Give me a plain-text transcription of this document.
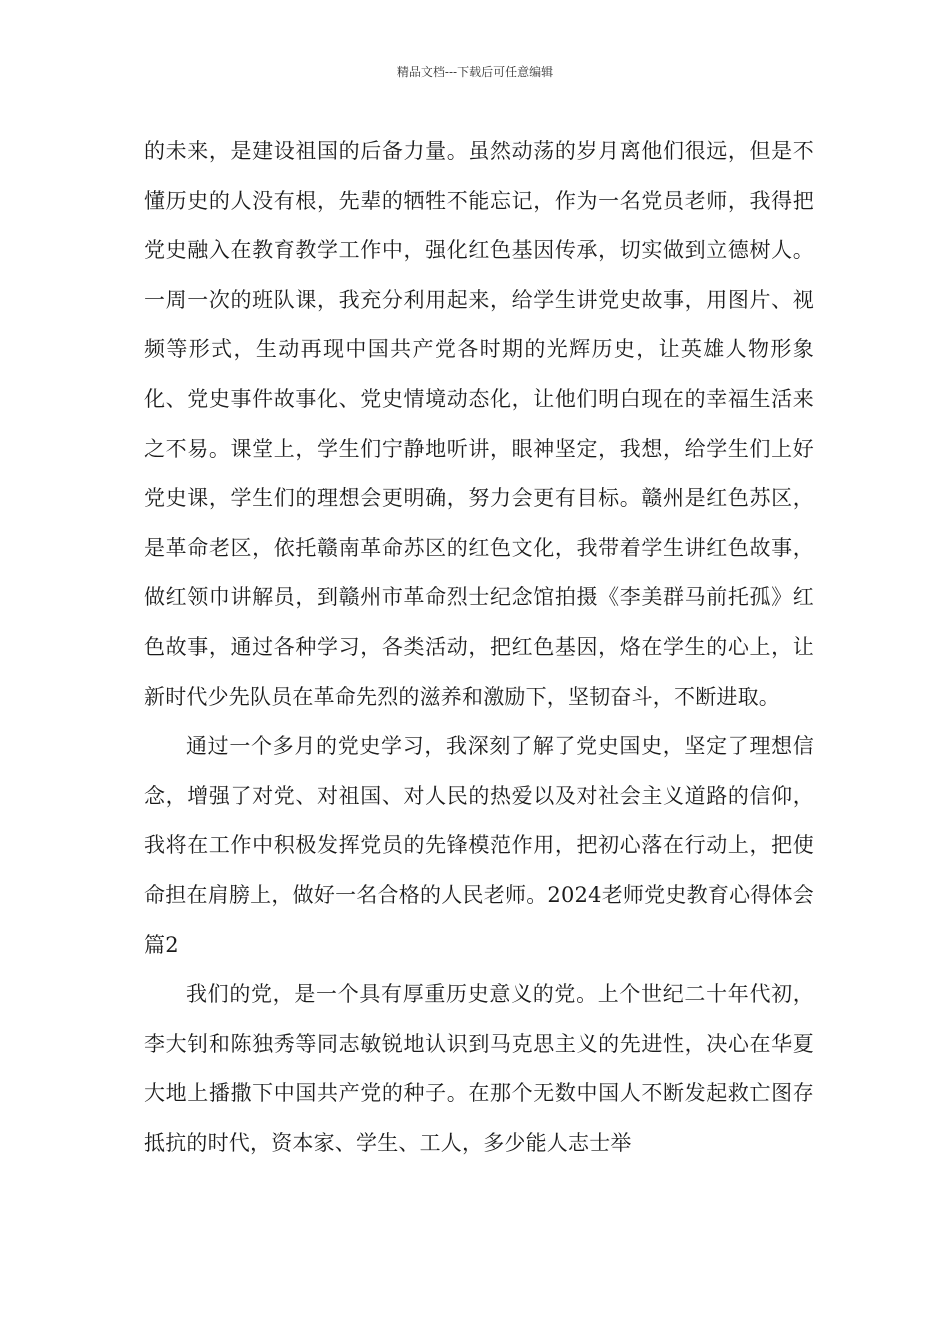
精品文档---下载后可任意编辑

的未来，是建设祖国的后备力量。虽然动荡的岁月离他们很远，但是不懂历史的人没有根，先辈的牺牲不能忘记，作为一名党员老师，我得把党史融入在教育教学工作中，强化红色基因传承，切实做到立德树人。一周一次的班队课，我充分利用起来，给学生讲党史故事，用图片、视频等形式，生动再现中国共产党各时期的光辉历史，让英雄人物形象化、党史事件故事化、党史情境动态化，让他们明白现在的幸福生活来之不易。课堂上，学生们宁静地听讲，眼神坚定，我想，给学生们上好党史课，学生们的理想会更明确，努力会更有目标。赣州是红色苏区，是革命老区，依托赣南革命苏区的红色文化，我带着学生讲红色故事，做红领巾讲解员，到赣州市革命烈士纪念馆拍摄《李美群马前托孤》红色故事，通过各种学习，各类活动，把红色基因，烙在学生的心上，让新时代少先队员在革命先烈的滋养和激励下，坚韧奋斗，不断进取。

通过一个多月的党史学习，我深刻了解了党史国史，坚定了理想信念，增强了对党、对祖国、对人民的热爱以及对社会主义道路的信仰，我将在工作中积极发挥党员的先锋模范作用，把初心落在行动上，把使命担在肩膀上，做好一名合格的人民老师。2024老师党史教育心得体会篇2

我们的党，是一个具有厚重历史意义的党。上个世纪二十年代初，李大钊和陈独秀等同志敏锐地认识到马克思主义的先进性，决心在华夏大地上播撒下中国共产党的种子。在那个无数中国人不断发起救亡图存抵抗的时代，资本家、学生、工人，多少能人志士举
